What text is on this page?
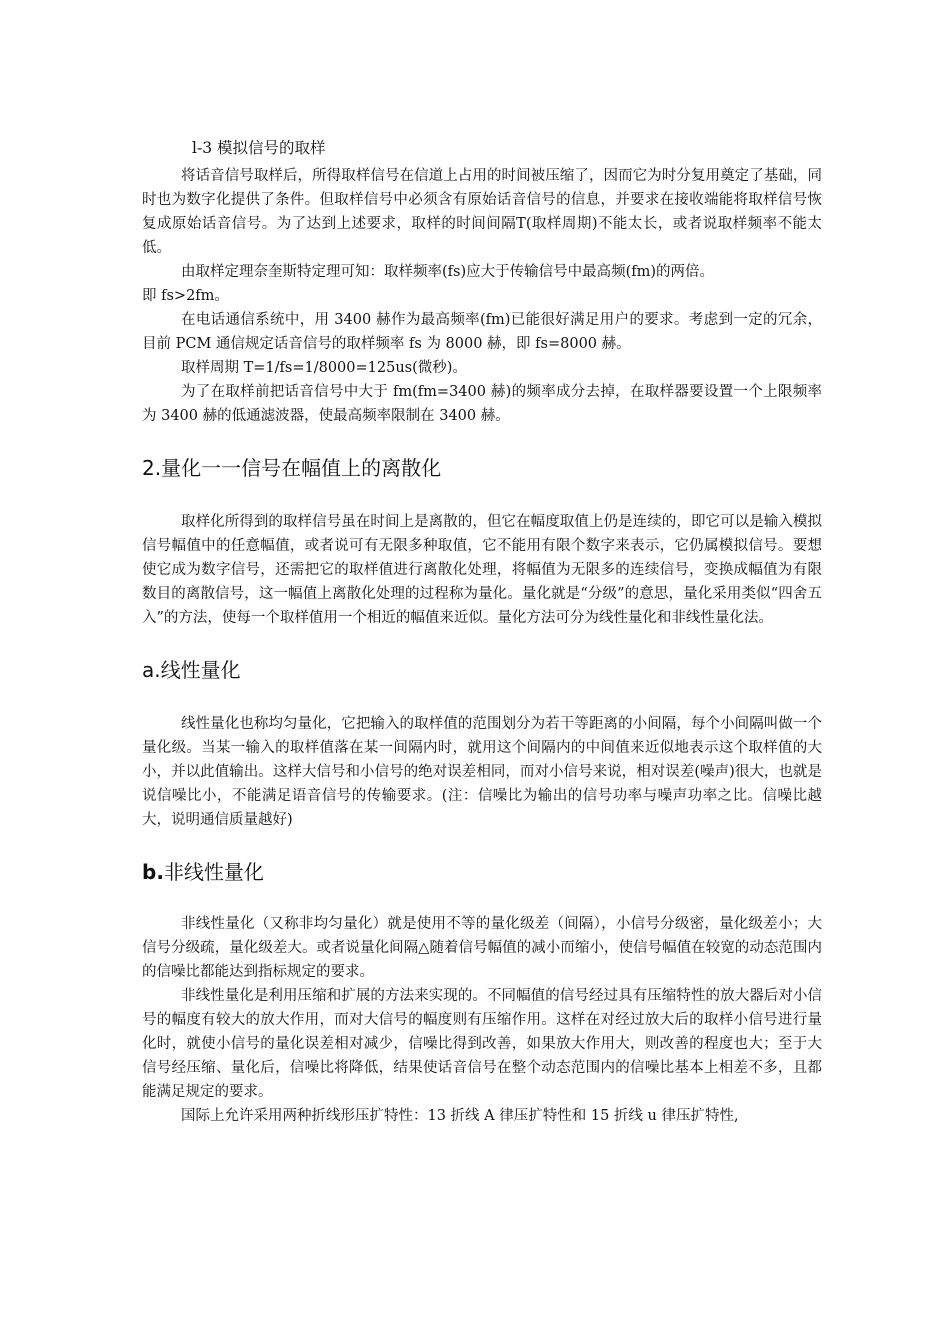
l-3 模拟信号的取样

将话音信号取样后，所得取样信号在信道上占用的时间被压缩了，因而它为时分复用奠定了基础，同时也为数字化提供了条件。但取样信号中必须含有原始话音信号的信息，并要求在接收端能将取样信号恢复成原始话音信号。为了达到上述要求，取样的时间间隔T(取样周期)不能太长，或者说取样频率不能太低。

由取样定理奈奎斯特定理可知：取样频率(fs)应大于传输信号中最高频(fm)的两倍。

即 fs>2fm。

在电话通信系统中，用 3400 赫作为最高频率(fm)已能很好满足用户的要求。考虑到一定的冗余，目前 PCM 通信规定话音信号的取样频率 fs 为 8000 赫，即 fs=8000 赫。

取样周期 T=1/fs=1/8000=125us(微秒)。

为了在取样前把话音信号中大于 fm(fm=3400 赫)的频率成分去掉，在取样器要设置一个上限频率为 3400 赫的低通滤波器，使最高频率限制在 3400 赫。

2.量化一一信号在幅值上的离散化

取样化所得到的取样信号虽在时间上是离散的，但它在幅度取值上仍是连续的，即它可以是输入模拟信号幅值中的任意幅值，或者说可有无限多种取值，它不能用有限个数字来表示，它仍属模拟信号。要想使它成为数字信号，还需把它的取样值进行离散化处理，将幅值为无限多的连续信号，变换成幅值为有限数目的离散信号，这一幅值上离散化处理的过程称为量化。量化就是“分级”的意思，量化采用类似“四舍五入”的方法，使每一个取样值用一个相近的幅值来近似。量化方法可分为线性量化和非线性量化法。

a.线性量化

线性量化也称均匀量化，它把输入的取样值的范围划分为若干等距离的小间隔，每个小间隔叫做一个量化级。当某一输入的取样值落在某一间隔内时，就用这个间隔内的中间值来近似地表示这个取样值的大小，并以此值输出。这样大信号和小信号的绝对误差相同，而对小信号来说，相对误差(噪声)很大，也就是说信噪比小，不能满足语音信号的传输要求。(注：信噪比为输出的信号功率与噪声功率之比。信噪比越大，说明通信质量越好)

b.非线性量化

非线性量化（又称非均匀量化）就是使用不等的量化级差（间隔），小信号分级密，量化级差小；大信号分级疏，量化级差大。或者说量化间隔△随着信号幅值的减小而缩小，使信号幅值在较宽的动态范围内的信噪比都能达到指标规定的要求。

非线性量化是利用压缩和扩展的方法来实现的。不同幅值的信号经过具有压缩特性的放大器后对小信号的幅度有较大的放大作用，而对大信号的幅度则有压缩作用。这样在对经过放大后的取样小信号进行量化时，就使小信号的量化误差相对减少，信噪比得到改善，如果放大作用大，则改善的程度也大；至于大信号经压缩、量化后，信噪比将降低，结果使话音信号在整个动态范围内的信噪比基本上相差不多，且都能满足规定的要求。

国际上允许采用两种折线形压扩特性：13 折线 A 律压扩特性和 15 折线 u 律压扩特性,
